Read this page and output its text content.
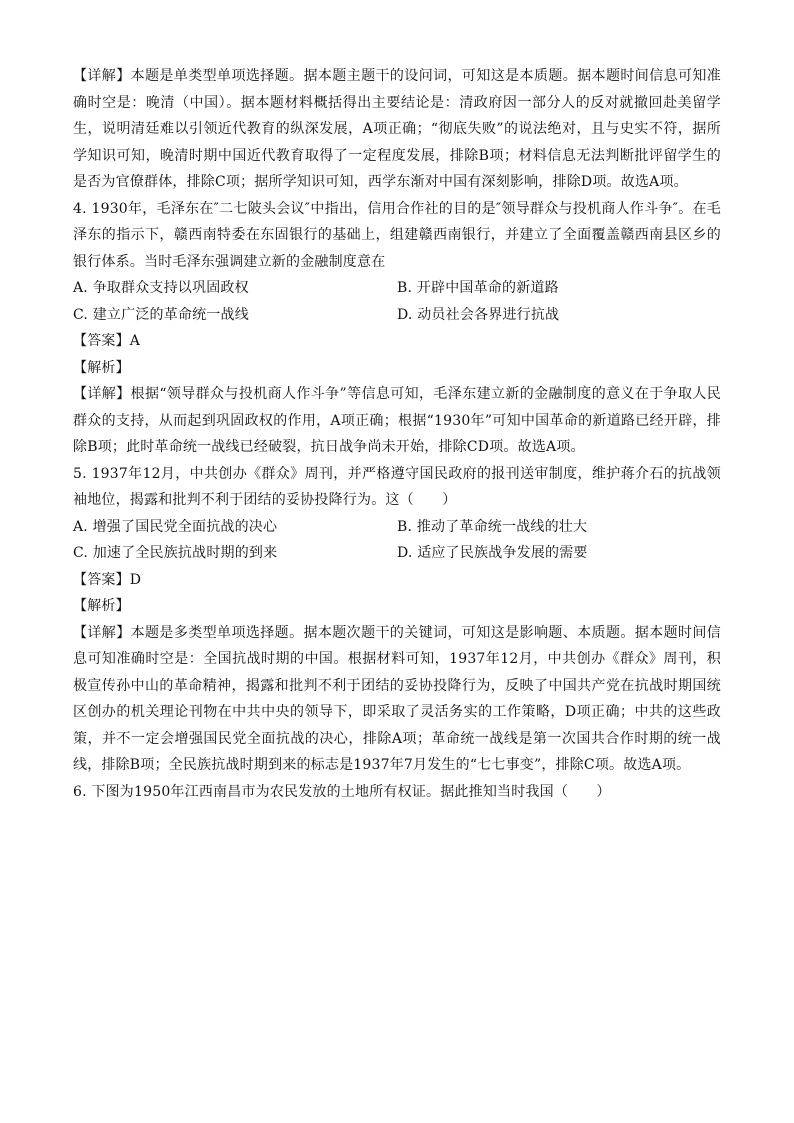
【详解】本题是单类型单项选择题。据本题主题干的设问词，可知这是本质题。据本题时间信息可知准确时空是：晚清（中国）。据本题材料概括得出主要结论是：清政府因一部分人的反对就撤回赴美留学生，说明清廷难以引领近代教育的纵深发展，A项正确；“彻底失败”的说法绝对，且与史实不符，据所学知识可知，晚清时期中国近代教育取得了一定程度发展，排除B项；材料信息无法判断批评留学生的是否为官僚群体，排除C项；据所学知识可知，西学东渐对中国有深刻影响，排除D项。故选A项。

4. 1930年，毛泽东在″二七陂头会议″中指出，信用合作社的目的是″领导群众与投机商人作斗争″。在毛泽东的指示下，赣西南特委在东固银行的基础上，组建赣西南银行，并建立了全面覆盖赣西南县区乡的银行体系。当时毛泽东强调建立新的金融制度意在

A. 争取群众支持以巩固政权	B. 开辟中国革命的新道路

C. 建立广泛的革命统一战线	D. 动员社会各界进行抗战

【答案】A

【解析】

【详解】根据“领导群众与投机商人作斗争”等信息可知，毛泽东建立新的金融制度的意义在于争取人民群众的支持，从而起到巩固政权的作用，A项正确；根据“1930年”可知中国革命的新道路已经开辟，排除B项；此时革命统一战线已经破裂，抗日战争尚未开始，排除CD项。故选A项。

5. 1937年12月，中共创办《群众》周刊，并严格遵守国民政府的报刊送审制度，维护蒋介石的抗战领袖地位，揭露和批判不利于团结的妥协投降行为。这（　　）

A. 增强了国民党全面抗战的决心	B. 推动了革命统一战线的壮大

C. 加速了全民族抗战时期的到来	D. 适应了民族战争发展的需要

【答案】D

【解析】

【详解】本题是多类型单项选择题。据本题次题干的关键词，可知这是影响题、本质题。据本题时间信息可知准确时空是：全国抗战时期的中国。根据材料可知，1937年12月，中共创办《群众》周刊，积极宣传孙中山的革命精神，揭露和批判不利于团结的妥协投降行为，反映了中国共产党在抗战时期国统区创办的机关理论刊物在中共中央的领导下，即采取了灵活务实的工作策略，D项正确；中共的这些政策，并不一定会增强国民党全面抗战的决心，排除A项；革命统一战线是第一次国共合作时期的统一战线，排除B项；全民族抗战时期到来的标志是1937年7月发生的“七七事变”，排除C项。故选A项。

6. 下图为1950年江西南昌市为农民发放的土地所有权证。据此推知当时我国（　　）
